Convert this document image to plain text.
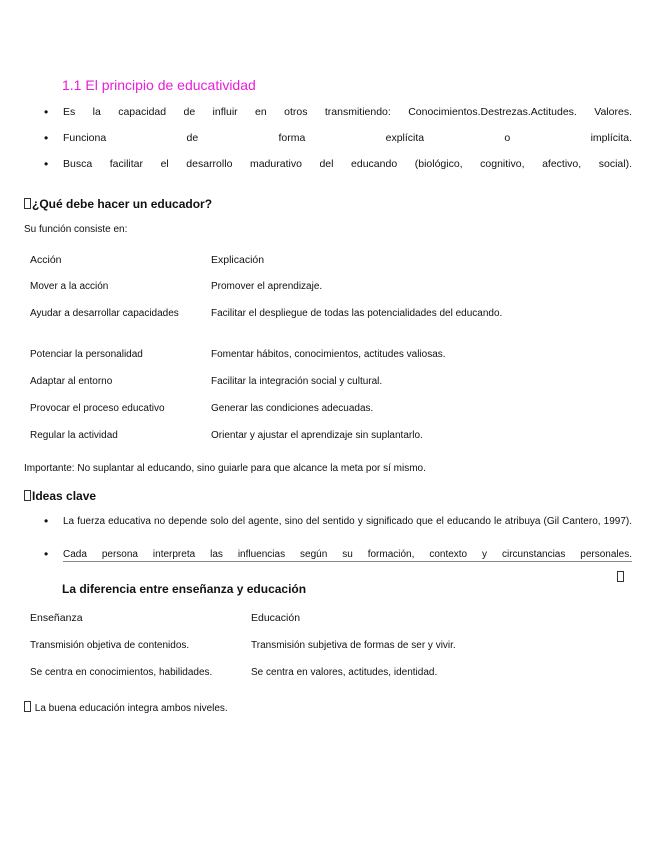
1.1 El principio de educatividad
• Es la capacidad de influir en otros transmitiendo: Conocimientos.Destrezas.Actitudes. Valores.
• Funciona de forma explícita o implícita.
• Busca facilitar el desarrollo madurativo del educando (biológico, cognitivo, afectivo, social).
¿Qué debe hacer un educador?
Su función consiste en:
Acción	Explicación
Mover a la acción	Promover el aprendizaje.
Ayudar a desarrollar capacidades	Facilitar el despliegue de todas las potencialidades del educando.
Potenciar la personalidad	Fomentar hábitos, conocimientos, actitudes valiosas.
Adaptar al entorno	Facilitar la integración social y cultural.
Provocar el proceso educativo	Generar las condiciones adecuadas.
Regular la actividad	Orientar y ajustar el aprendizaje sin suplantarlo.
Importante: No suplantar al educando, sino guiarle para que alcance la meta por sí mismo.
Ideas clave
• La fuerza educativa no depende solo del agente, sino del sentido y significado que el educando le atribuya (Gil Cantero, 1997).
• Cada persona interpreta las influencias según su formación, contexto y circunstancias personales.
La diferencia entre enseñanza y educación
Enseñanza	Educación
Transmisión objetiva de contenidos.	Transmisión subjetiva de formas de ser y vivir.
Se centra en conocimientos, habilidades.	Se centra en valores, actitudes, identidad.
La buena educación integra ambos niveles.
